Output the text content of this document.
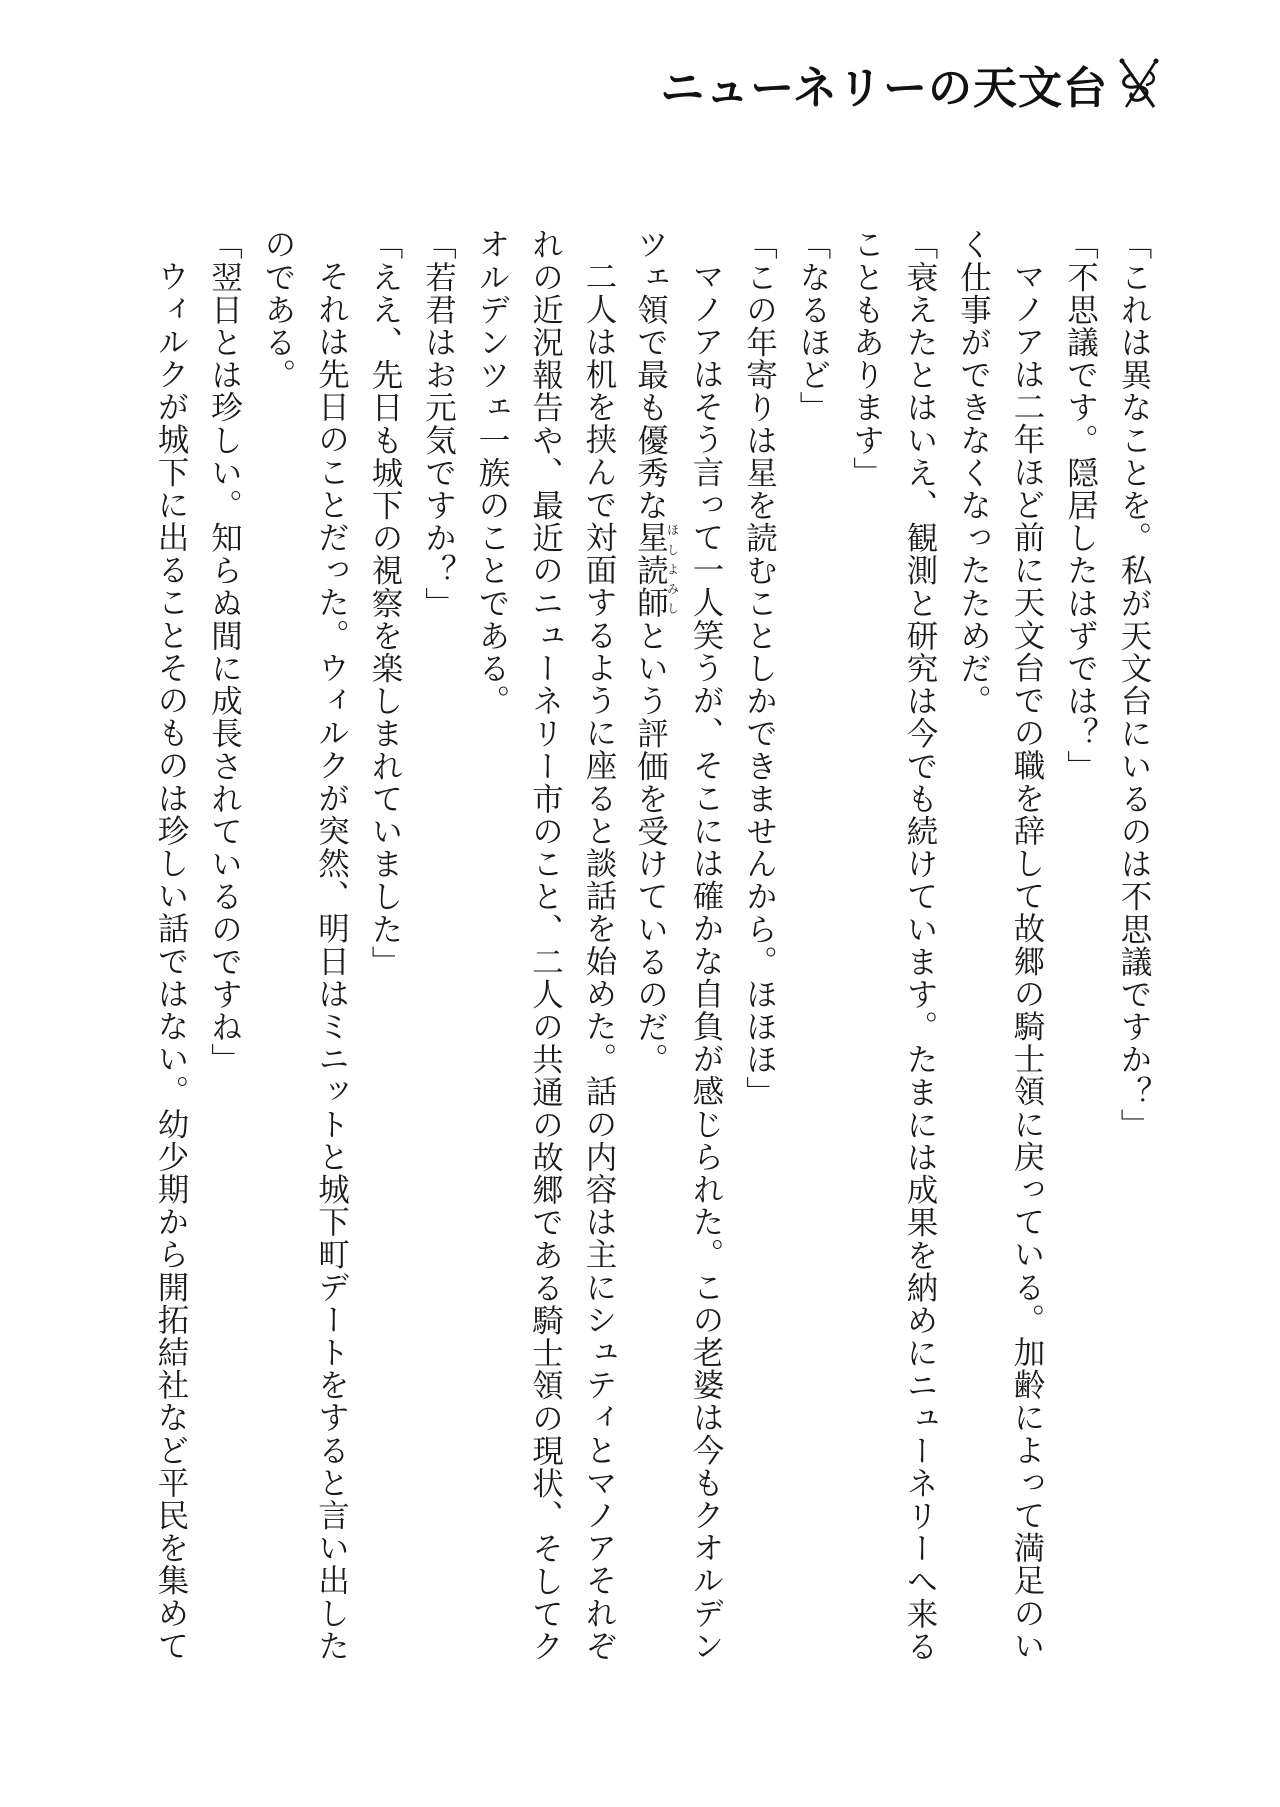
ニューネリーの天文台
「これは異なことを。私が天文台にいるのは不思議ですか？」
「不思議です。隠居したはずでは？」
マノアは二年ほど前に天文台での職を辞して故郷の騎士領に戻っている。加齢によって満足のい
く仕事ができなくなったためだ。
「衰えたとはいえ、観測と研究は今でも続けています。たまには成果を納めにニューネリーへ来る
こともあります」
「なるほど」
「この年寄りは星を読むことしかできませんから。ほほほ」
マノアはそう言って一人笑うが、そこには確かな自負が感じられた。この老婆は今もクオルデン
ツェ領で最も優秀な星読師ほしよみしという評価を受けているのだ。
二人は机を挟んで対面するように座ると談話を始めた。話の内容は主にシュティとマノアそれぞ
れの近況報告や、最近のニューネリー市のこと、二人の共通の故郷である騎士領の現状、そしてク
オルデンツェ一族のことである。
「若君はお元気ですか？」
「ええ、先日も城下の視察を楽しまれていました」
それは先日のことだった。ウィルクが突然、明日はミニットと城下町デートをすると言い出した
のである。
「翌日とは珍しい。知らぬ間に成長されているのですね」
ウィルクが城下に出ることそのものは珍しい話ではない。幼少期から開拓結社など平民を集めて
